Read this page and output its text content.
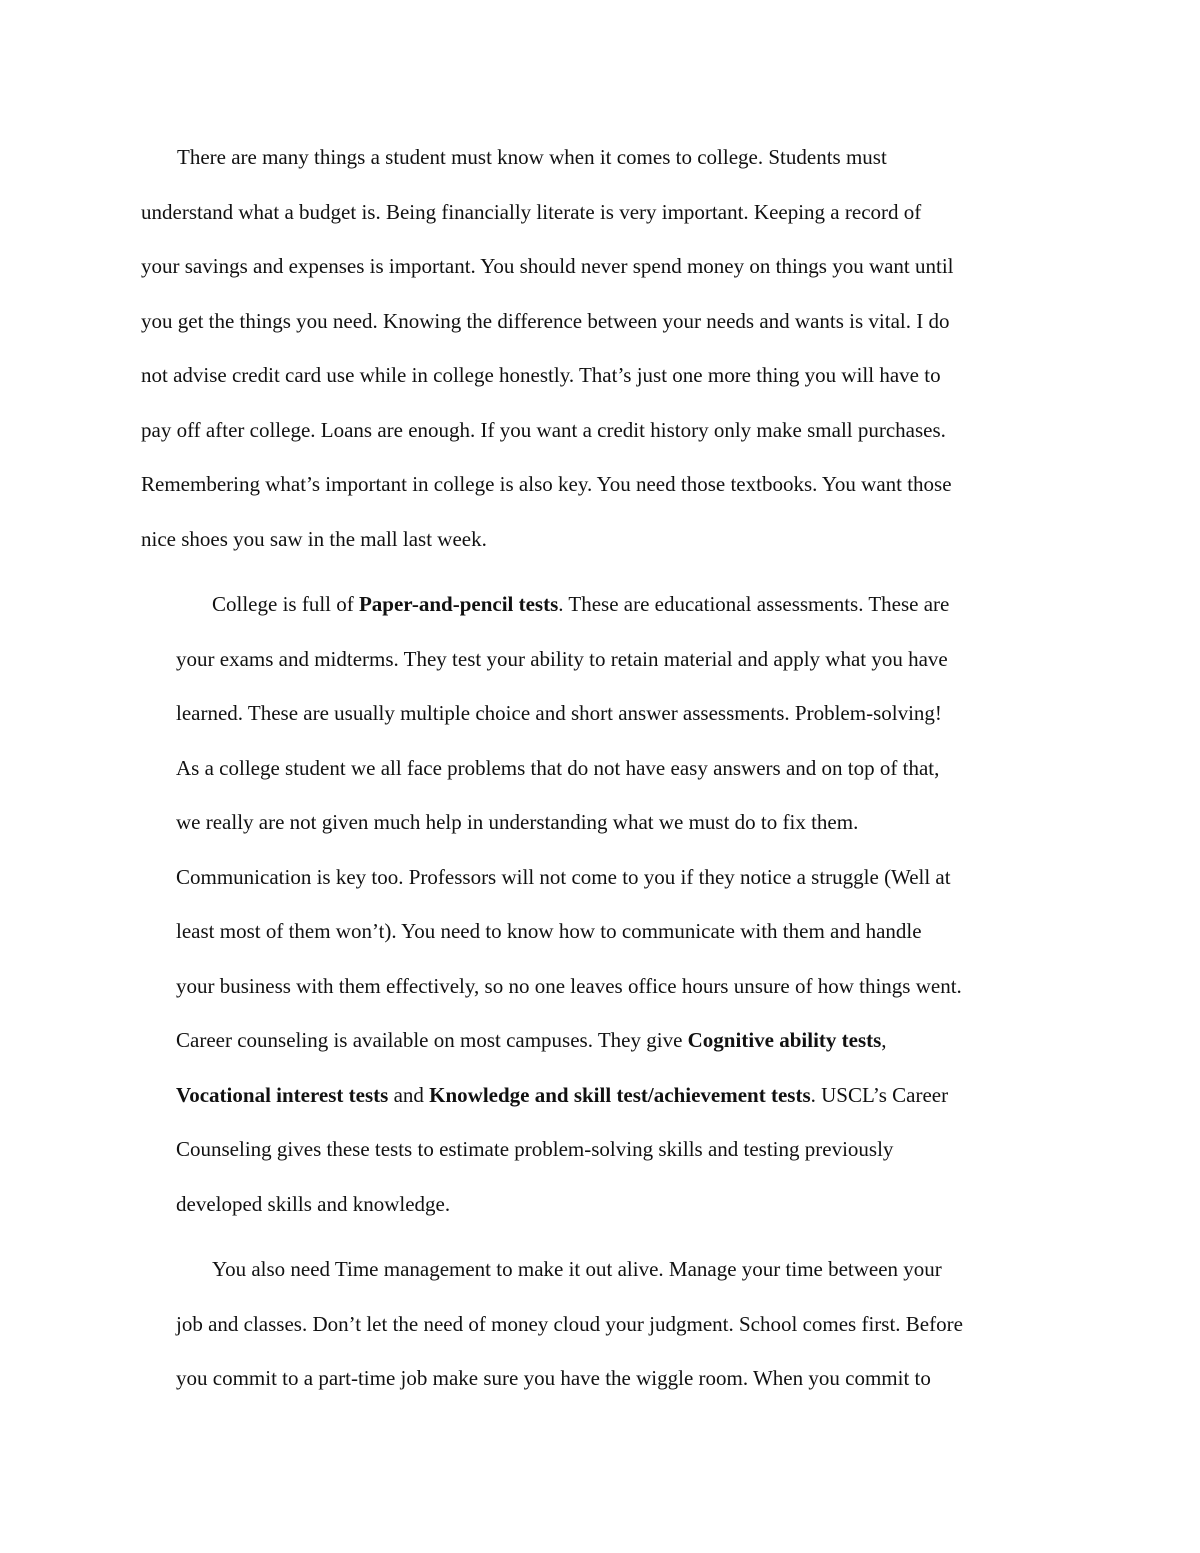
There are many things a student must know when it comes to college. Students must
understand what a budget is. Being financially literate is very important. Keeping a record of
your savings and expenses is important. You should never spend money on things you want until
you get the things you need. Knowing the difference between your needs and wants is vital. I do
not advise credit card use while in college honestly. That’s just one more thing you will have to
pay off after college. Loans are enough. If you want a credit history only make small purchases.
Remembering what’s important in college is also key. You need those textbooks. You want those
nice shoes you saw in the mall last week.
College is full of Paper-and-pencil tests. These are educational assessments. These are
your exams and midterms. They test your ability to retain material and apply what you have
learned. These are usually multiple choice and short answer assessments. Problem-solving!
As a college student we all face problems that do not have easy answers and on top of that,
we really are not given much help in understanding what we must do to fix them.
Communication is key too. Professors will not come to you if they notice a struggle (Well at
least most of them won’t). You need to know how to communicate with them and handle
your business with them effectively, so no one leaves office hours unsure of how things went.
Career counseling is available on most campuses. They give Cognitive ability tests,
Vocational interest tests and Knowledge and skill test/achievement tests. USCL’s Career
Counseling gives these tests to estimate problem-solving skills and testing previously
developed skills and knowledge.
You also need Time management to make it out alive. Manage your time between your
job and classes. Don’t let the need of money cloud your judgment. School comes first. Before
you commit to a part-time job make sure you have the wiggle room. When you commit to
